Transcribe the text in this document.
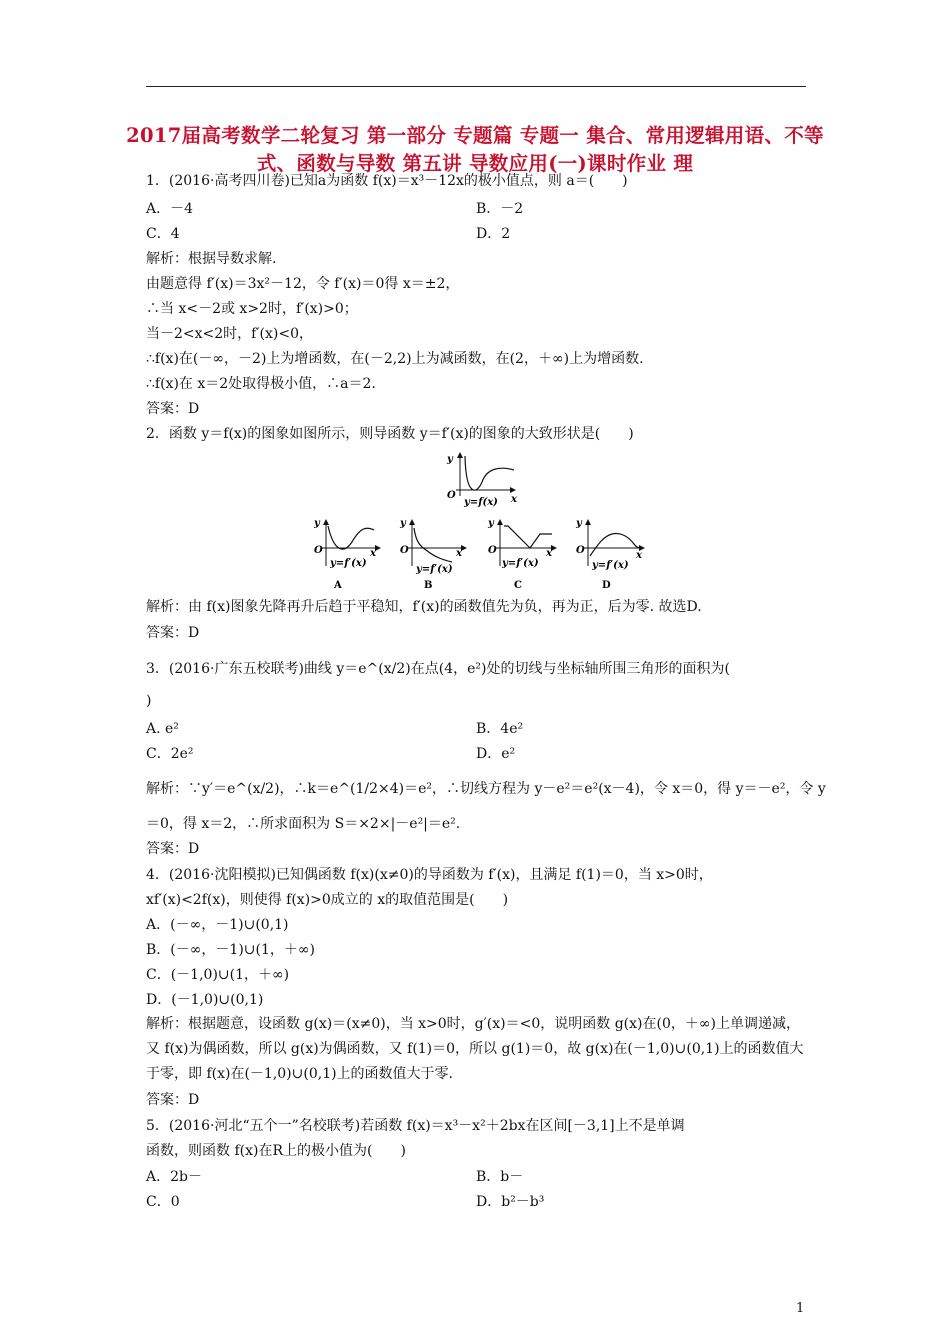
2017届高考数学二轮复习 第一部分 专题篇 专题一 集合、常用逻辑用语、不等式、函数与导数 第五讲 导数应用(一)课时作业 理
1．(2016·高考四川卷)已知a为函数 f(x)＝x³－12x的极小值点，则 a＝(　　)
A．－4	B．－2
C．4	D．2
解析：根据导数求解.
由题意得 f′(x)＝3x²－12，令 f′(x)＝0得 x＝±2，
∴当 x<－2或 x>2时，f′(x)>0；
当－2<x<2时，f′(x)<0，
∴f(x)在(－∞，－2)上为增函数，在(－2,2)上为减函数，在(2，＋∞)上为增函数.
∴f(x)在 x＝2处取得极小值，∴a＝2.
答案：D
2．函数 y＝f(x)的图象如图所示，则导函数 y＝f′(x)的图象的大致形状是(　　)
y
x
O
y=f(x)
y
O	x
y=f′(x)
A
y
O	x
y=f′(x)
B
y
O	x
y=f′(x)
C
y
O	x
y=f′(x)
D
解析：由 f(x)图象先降再升后趋于平稳知，f′(x)的函数值先为负，再为正，后为零. 故选D.
答案：D
3．(2016·广东五校联考)曲线 y＝e^(x/2)在点(4，e²)处的切线与坐标轴所围三角形的面积为(
)
A. e²	B．4e²
C．2e²	D．e²
解析：∵y′＝e^(x/2)，∴k＝e^(1/2×4)＝e²，∴切线方程为 y－e²＝e²(x－4)，令 x＝0，得 y＝－e²，令 y
＝0，得 x＝2，∴所求面积为 S＝×2×|－e²|＝e².
答案：D
4．(2016·沈阳模拟)已知偶函数 f(x)(x≠0)的导函数为 f′(x)，且满足 f(1)＝0，当 x>0时，
xf′(x)<2f(x)，则使得 f(x)>0成立的 x的取值范围是(　　)
A．(－∞，－1)∪(0,1)
B．(－∞，－1)∪(1，＋∞)
C．(－1,0)∪(1，＋∞)
D．(－1,0)∪(0,1)
解析：根据题意，设函数 g(x)＝(x≠0)，当 x>0时，g′(x)＝<0，说明函数 g(x)在(0，＋∞)上单调递减，又 f(x)为偶函数，所以 g(x)为偶函数，又 f(1)＝0，所以 g(1)＝0，故 g(x)在(－1,0)∪(0,1)上的函数值大于零，即 f(x)在(－1,0)∪(0,1)上的函数值大于零.
答案：D
5．(2016·河北“五个一”名校联考)若函数 f(x)＝x³－x²＋2bx在区间[－3,1]上不是单调
函数，则函数 f(x)在R上的极小值为(　　)
A．2b－	B．b－
C．0	D．b²－b³
1
